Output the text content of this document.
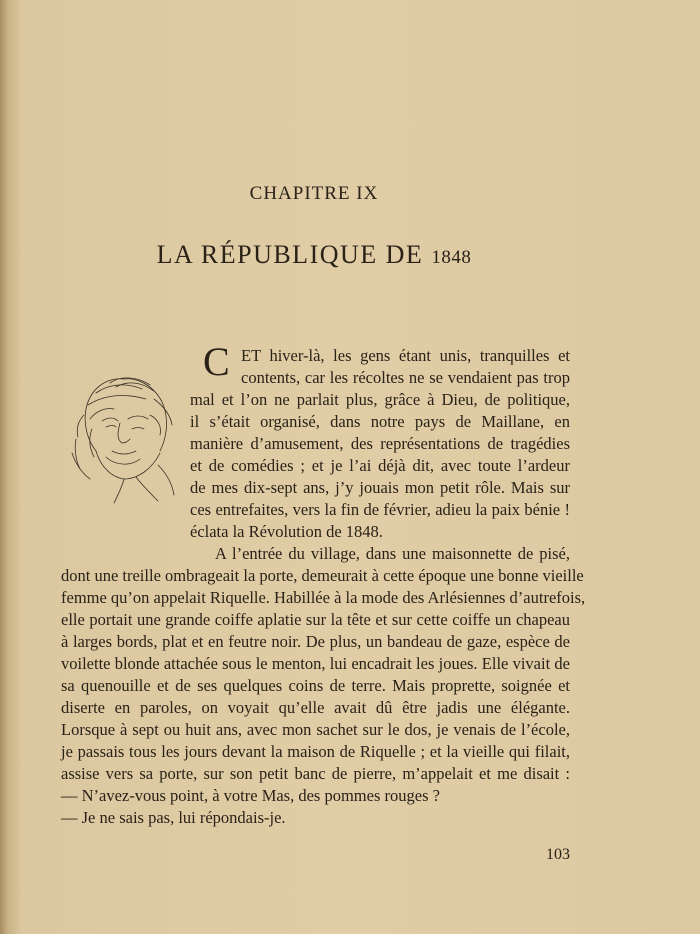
CHAPITRE IX
LA RÉPUBLIQUE DE 1848
C ET hiver-là, les gens étant unis, tranquilles et
contents, car les récoltes ne se vendaient pas trop
mal et l’on ne parlait plus, grâce à Dieu, de politique,
il s’était organisé, dans notre pays de Maillane, en
manière d’amusement, des représentations de tragédies
et de comédies ; et je l’ai déjà dit, avec toute l’ardeur
de mes dix-sept ans, j’y jouais mon petit rôle. Mais sur
ces entrefaites, vers la fin de février, adieu la paix bénie !
éclata la Révolution de 1848.
A l’entrée du village, dans une maisonnette de pisé,
dont une treille ombrageait la porte, demeurait à cette époque une bonne vieille
femme qu’on appelait Riquelle. Habillée à la mode des Arlésiennes d’autrefois,
elle portait une grande coiffe aplatie sur la tête et sur cette coiffe un chapeau
à larges bords, plat et en feutre noir. De plus, un bandeau de gaze, espèce de
voilette blonde attachée sous le menton, lui encadrait les joues. Elle vivait de
sa quenouille et de ses quelques coins de terre. Mais proprette, soignée et
diserte en paroles, on voyait qu’elle avait dû être jadis une élégante.
Lorsque à sept ou huit ans, avec mon sachet sur le dos, je venais de l’école,
je passais tous les jours devant la maison de Riquelle ; et la vieille qui filait,
assise vers sa porte, sur son petit banc de pierre, m’appelait et me disait :
— N’avez-vous point, à votre Mas, des pommes rouges ?
— Je ne sais pas, lui répondais-je.
103
